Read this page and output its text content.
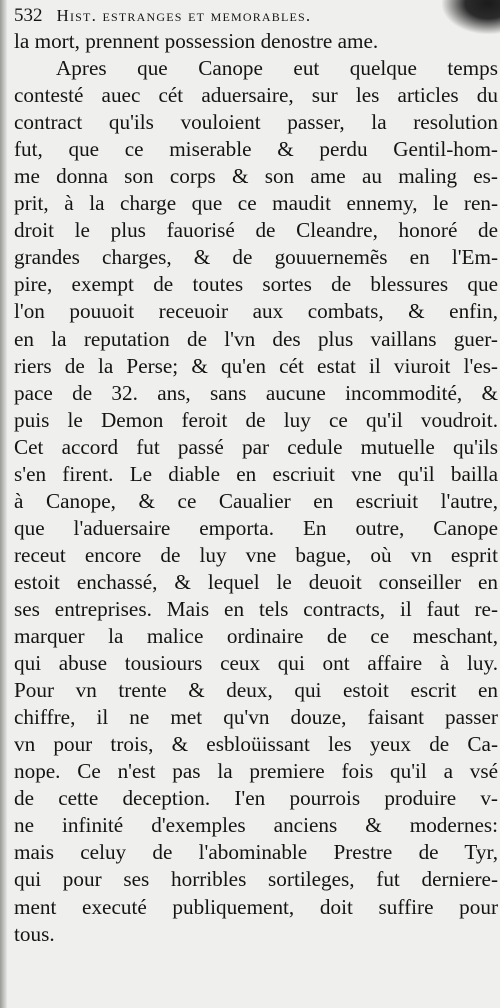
532 Hist. estranges et memorables.
la mort, prennent possession denostre ame.
Apres que Canope eut quelque temps
contesté auec cét aduersaire, sur les articles du
contract qu'ils vouloient passer, la resolution
fut, que ce miserable & perdu Gentil-hom-
me donna son corps & son ame au maling es-
prit, à la charge que ce maudit ennemy, le ren-
droit le plus fauorisé de Cleandre, honoré de
grandes charges, & de gouuernemẽs en l'Em-
pire, exempt de toutes sortes de blessures que
l'on pouuoit receuoir aux combats, & enfin,
en la reputation de l'vn des plus vaillans guer-
riers de la Perse; & qu'en cét estat il viuroit l'es-
pace de 32. ans, sans aucune incommodité, &
puis le Demon feroit de luy ce qu'il voudroit.
Cet accord fut passé par cedule mutuelle qu'ils
s'en firent. Le diable en escriuit vne qu'il bailla
à Canope, & ce Caualier en escriuit l'autre,
que l'aduersaire emporta. En outre, Canope
receut encore de luy vne bague, où vn esprit
estoit enchassé, & lequel le deuoit conseiller en
ses entreprises. Mais en tels contracts, il faut re-
marquer la malice ordinaire de ce meschant,
qui abuse tousiours ceux qui ont affaire à luy.
Pour vn trente & deux, qui estoit escrit en
chiffre, il ne met qu'vn douze, faisant passer
vn pour trois, & esbloüissant les yeux de Ca-
nope. Ce n'est pas la premiere fois qu'il a vsé
de cette deception. I'en pourrois produire v-
ne infinité d'exemples anciens & modernes:
mais celuy de l'abominable Prestre de Tyr,
qui pour ses horribles sortileges, fut derniere-
ment executé publiquement, doit suffire pour
tous.
